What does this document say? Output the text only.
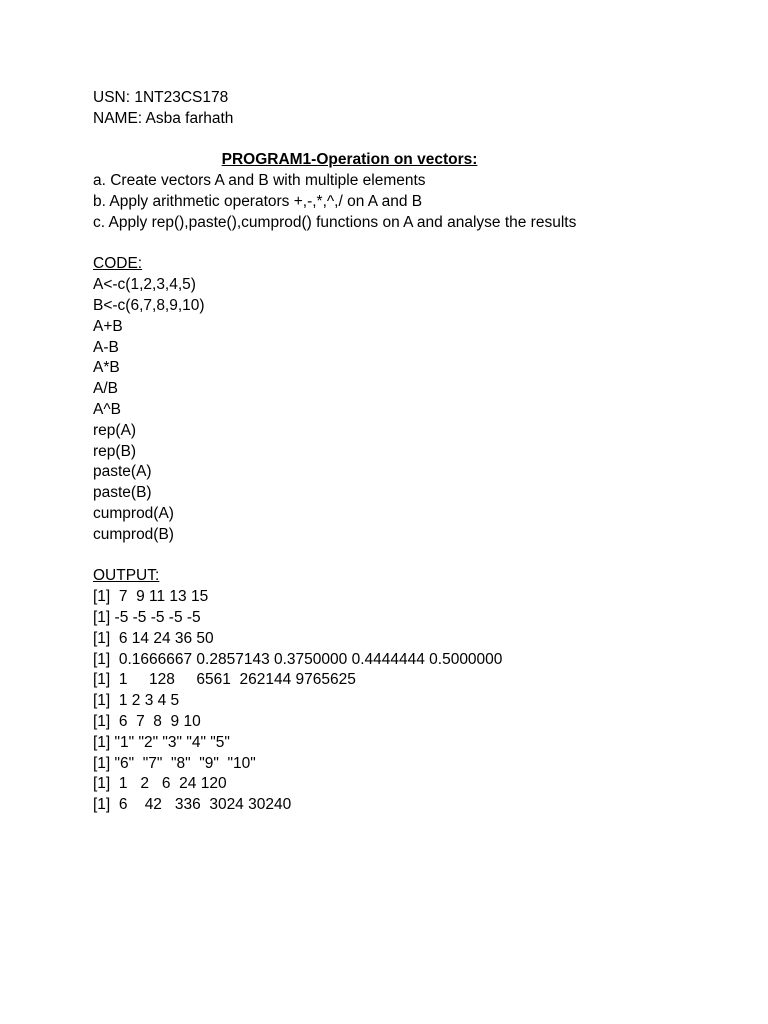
USN: 1NT23CS178
NAME: Asba farhath
PROGRAM1-Operation on vectors:
a. Create vectors A and B with multiple elements
b. Apply arithmetic operators +,-,*,^,/ on A and B
c. Apply rep(),paste(),cumprod() functions on A and analyse the results
CODE:
A<-c(1,2,3,4,5)
B<-c(6,7,8,9,10)
A+B
A-B
A*B
A/B
A^B
rep(A)
rep(B)
paste(A)
paste(B)
cumprod(A)
cumprod(B)
OUTPUT:
[1]  7  9 11 13 15
[1] -5 -5 -5 -5 -5
[1]  6 14 24 36 50
[1]  0.1666667 0.2857143 0.3750000 0.4444444 0.5000000
[1]  1     128     6561  262144 9765625
[1]  1 2 3 4 5
[1]  6  7  8  9 10
[1] "1" "2" "3" "4" "5"
[1] "6"  "7"  "8"  "9"  "10"
[1]  1   2   6  24 120
[1]  6    42   336  3024 30240
